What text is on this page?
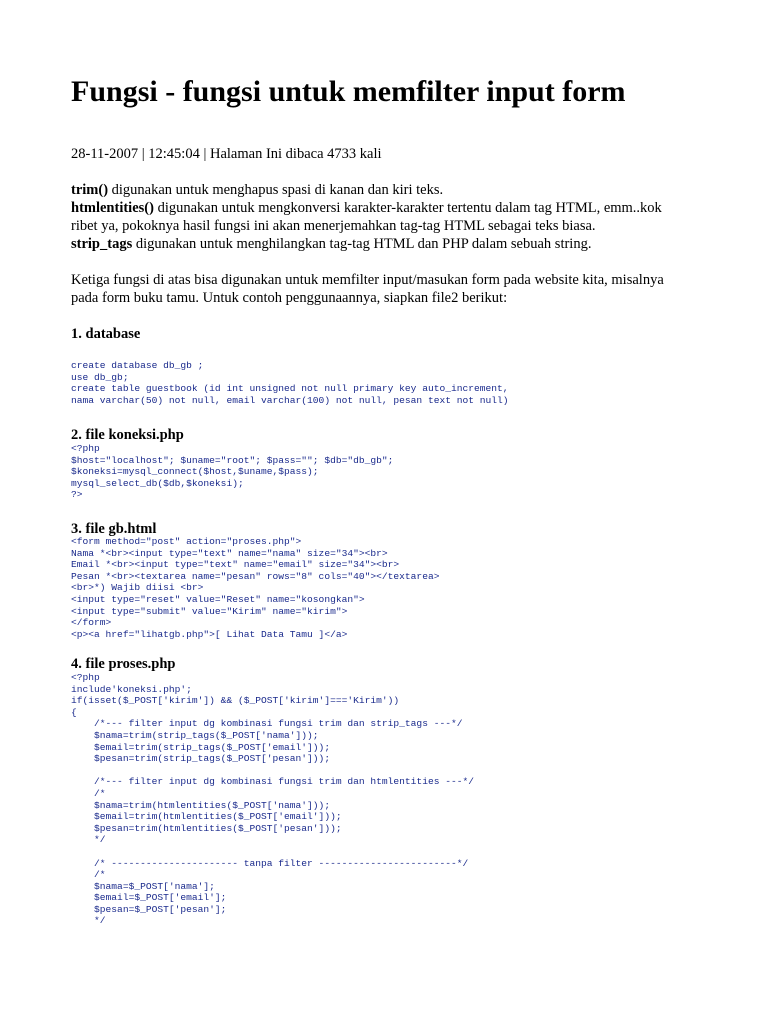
Fungsi - fungsi untuk memfilter input form
28-11-2007 | 12:45:04 | Halaman Ini dibaca 4733 kali
trim() digunakan untuk menghapus spasi di kanan dan kiri teks.
htmlentities() digunakan untuk mengkonversi karakter-karakter tertentu dalam tag HTML, emm..kok
ribet ya, pokoknya hasil fungsi ini akan menerjemahkan tag-tag HTML sebagai teks biasa.
strip_tags digunakan untuk menghilangkan tag-tag HTML dan PHP dalam sebuah string.
Ketiga fungsi di atas bisa digunakan untuk memfilter input/masukan form pada website kita, misalnya
pada form buku tamu. Untuk contoh penggunaannya, siapkan file2 berikut:
1. database
create database db_gb ;
use db_gb;
create table guestbook (id int unsigned not null primary key auto_increment,
nama varchar(50) not null, email varchar(100) not null, pesan text not null)
2. file koneksi.php
<?php
$host="localhost"; $uname="root"; $pass=""; $db="db_gb";
$koneksi=mysql_connect($host,$uname,$pass);
mysql_select_db($db,$koneksi);
?>
3. file gb.html
<form method="post" action="proses.php">
Nama *<br><input type="text" name="nama" size="34"><br>
Email *<br><input type="text" name="email" size="34"><br>
Pesan *<br><textarea name="pesan" rows="8" cols="40"></textarea>
<br>*) Wajib diisi <br>
<input type="reset" value="Reset" name="kosongkan">
<input type="submit" value="Kirim" name="kirim">
</form>
<p><a href="lihatgb.php">[ Lihat Data Tamu ]</a>
4. file proses.php
<?php
include'koneksi.php';
if(isset($_POST['kirim']) && ($_POST['kirim']==='Kirim'))
{
/*--- filter input dg kombinasi fungsi trim dan strip_tags ---*/
$nama=trim(strip_tags($_POST['nama']));
$email=trim(strip_tags($_POST['email']));
$pesan=trim(strip_tags($_POST['pesan']));
/*--- filter input dg kombinasi fungsi trim dan htmlentities ---*/
/*
$nama=trim(htmlentities($_POST['nama']));
$email=trim(htmlentities($_POST['email']));
$pesan=trim(htmlentities($_POST['pesan']));
*/
/* ---------------------- tanpa filter ------------------------*/
/*
$nama=$_POST['nama'];
$email=$_POST['email'];
$pesan=$_POST['pesan'];
*/
